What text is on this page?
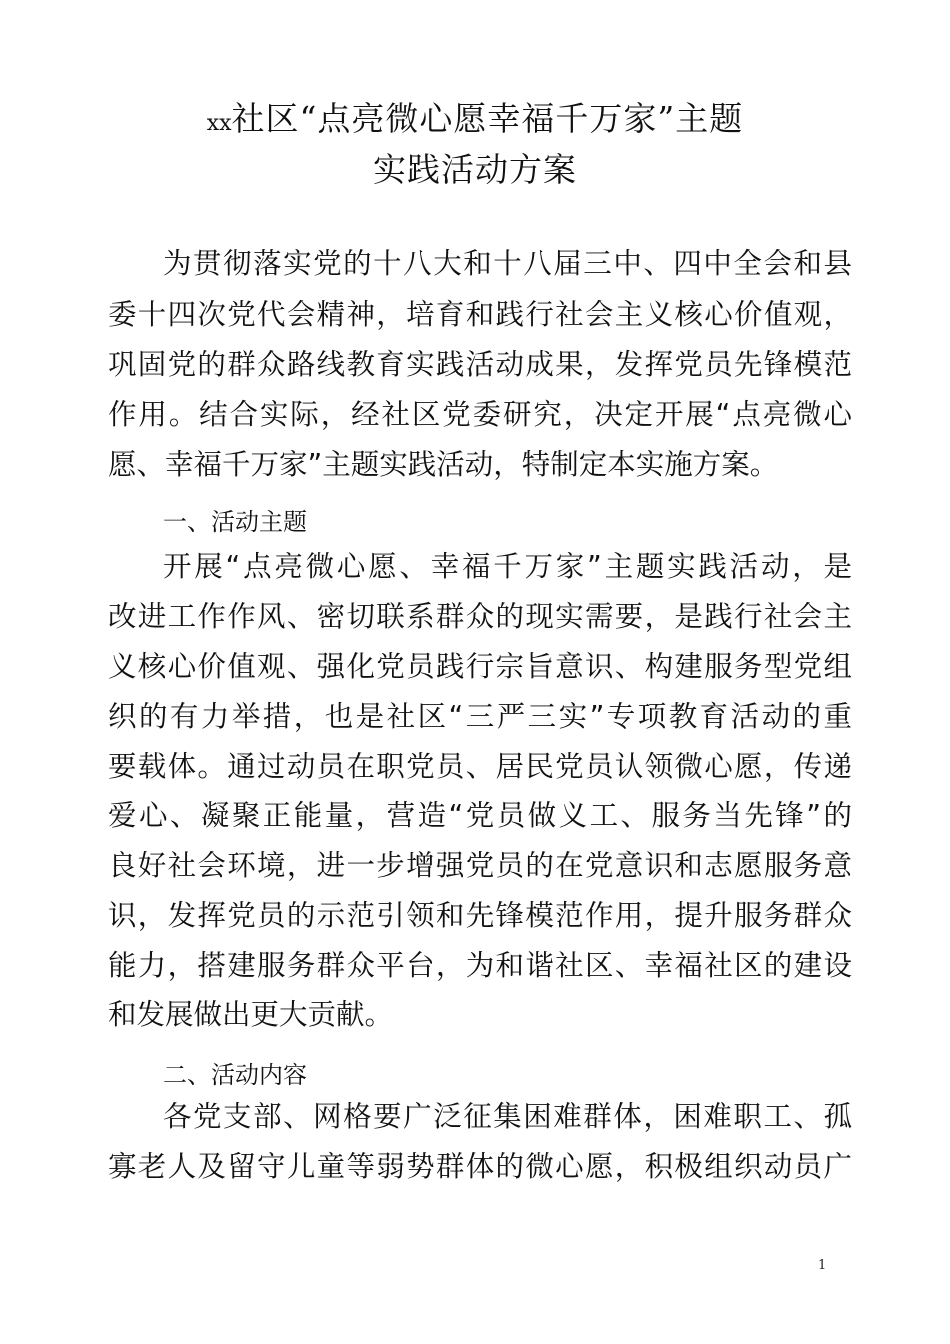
xx社区“点亮微心愿幸福千万家”主题
实践活动方案
为贯彻落实党的十八大和十八届三中、四中全会和县
委十四次党代会精神，培育和践行社会主义核心价值观，
巩固党的群众路线教育实践活动成果，发挥党员先锋模范
作用。结合实际，经社区党委研究，决定开展“点亮微心
愿、幸福千万家”主题实践活动，特制定本实施方案。
一、活动主题
开展“点亮微心愿、幸福千万家”主题实践活动，是
改进工作作风、密切联系群众的现实需要，是践行社会主
义核心价值观、强化党员践行宗旨意识、构建服务型党组
织的有力举措，也是社区“三严三实”专项教育活动的重
要载体。通过动员在职党员、居民党员认领微心愿，传递
爱心、凝聚正能量，营造“党员做义工、服务当先锋”的
良好社会环境，进一步增强党员的在党意识和志愿服务意
识，发挥党员的示范引领和先锋模范作用，提升服务群众
能力，搭建服务群众平台，为和谐社区、幸福社区的建设
和发展做出更大贡献。
二、活动内容
各党支部、网格要广泛征集困难群体，困难职工、孤
寡老人及留守儿童等弱势群体的微心愿，积极组织动员广
1
